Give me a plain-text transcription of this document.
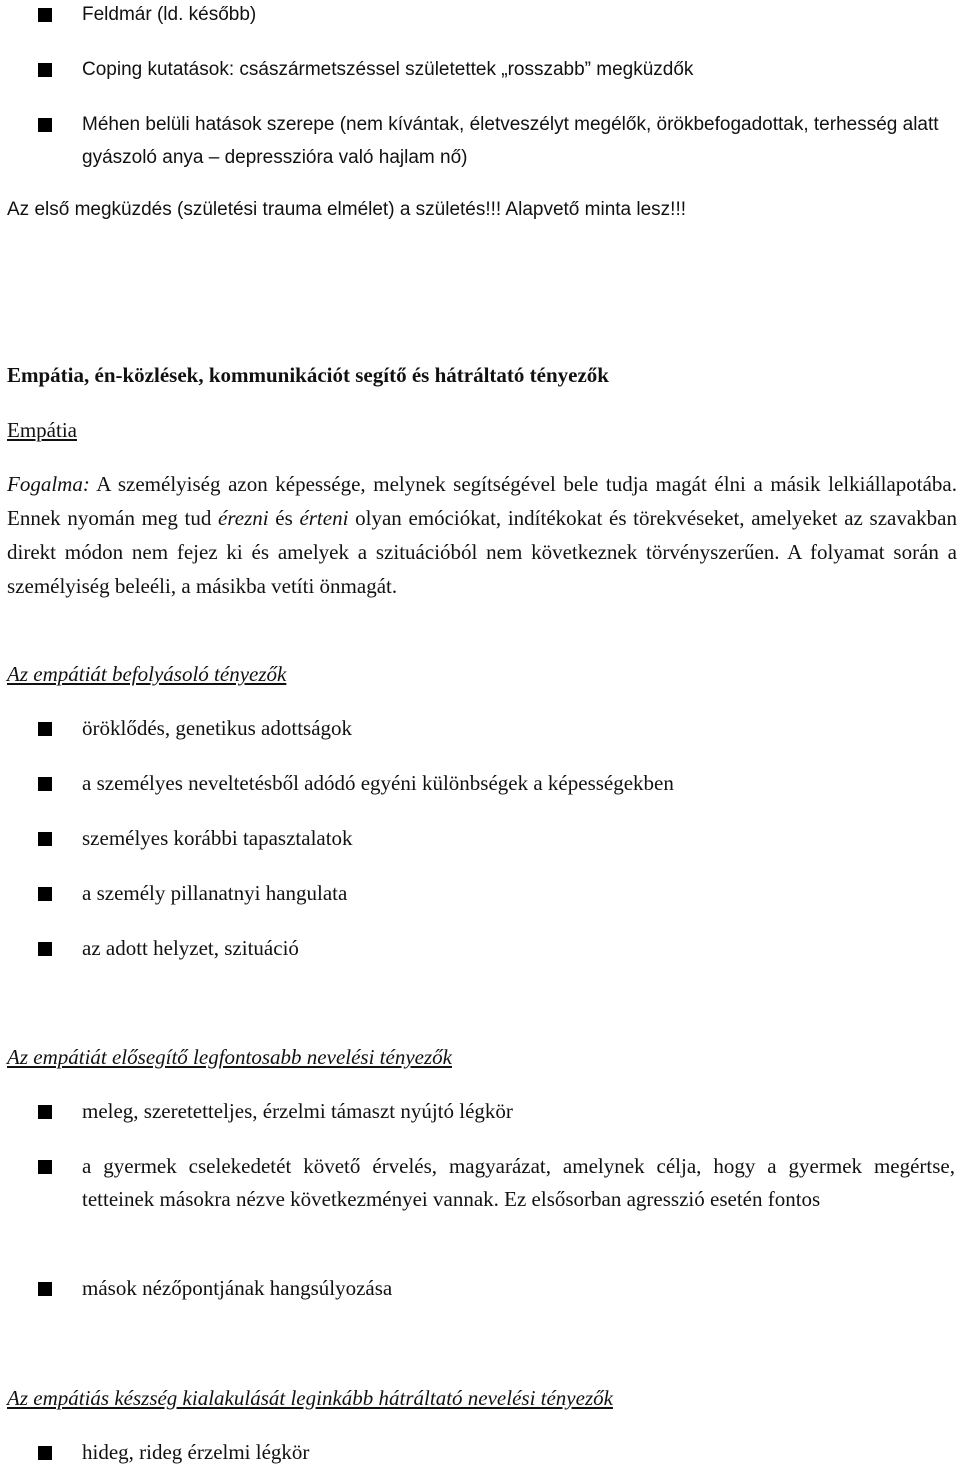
Feldmár (ld. később)
Coping kutatások: császármetszéssel születettek „rosszabb” megküzdők
Méhen belüli hatások szerepe (nem kívántak, életveszélyt megélők, örökbefogadottak, terhesség alatt gyászoló anya – depresszióra való hajlam nő)
Az első megküzdés (születési trauma elmélet) a születés!!! Alapvető minta lesz!!!
Empátia, én-közlések, kommunikációt segítő és hátráltató tényezők
Empátia
Fogalma: A személyiség azon képessége, melynek segítségével bele tudja magát élni a másik lelkiállapotába. Ennek nyomán meg tud érezni és érteni olyan emóciókat, indítékokat és törekvéseket, amelyeket az szavakban direkt módon nem fejez ki és amelyek a szituációból nem következnek törvényszerűen. A folyamat során a személyiség beleéli, a másikba vetíti önmagát.
Az empátiát befolyásoló tényezők
öröklődés, genetikus adottságok
a személyes neveltetésből adódó egyéni különbségek a képességekben
személyes korábbi tapasztalatok
a személy pillanatnyi hangulata
az adott helyzet, szituáció
Az empátiát elősegítő legfontosabb nevelési tényezők
meleg, szeretetteljes, érzelmi támaszt nyújtó légkör
a gyermek cselekedetét követő érvelés, magyarázat, amelynek célja, hogy a gyermek megértse, tetteinek másokra nézve következményei vannak. Ez elsősorban agresszió esetén fontos
mások nézőpontjának hangsúlyozása
Az empátiás készség kialakulását leginkább hátráltató nevelési tényezők
hideg, rideg érzelmi légkör
